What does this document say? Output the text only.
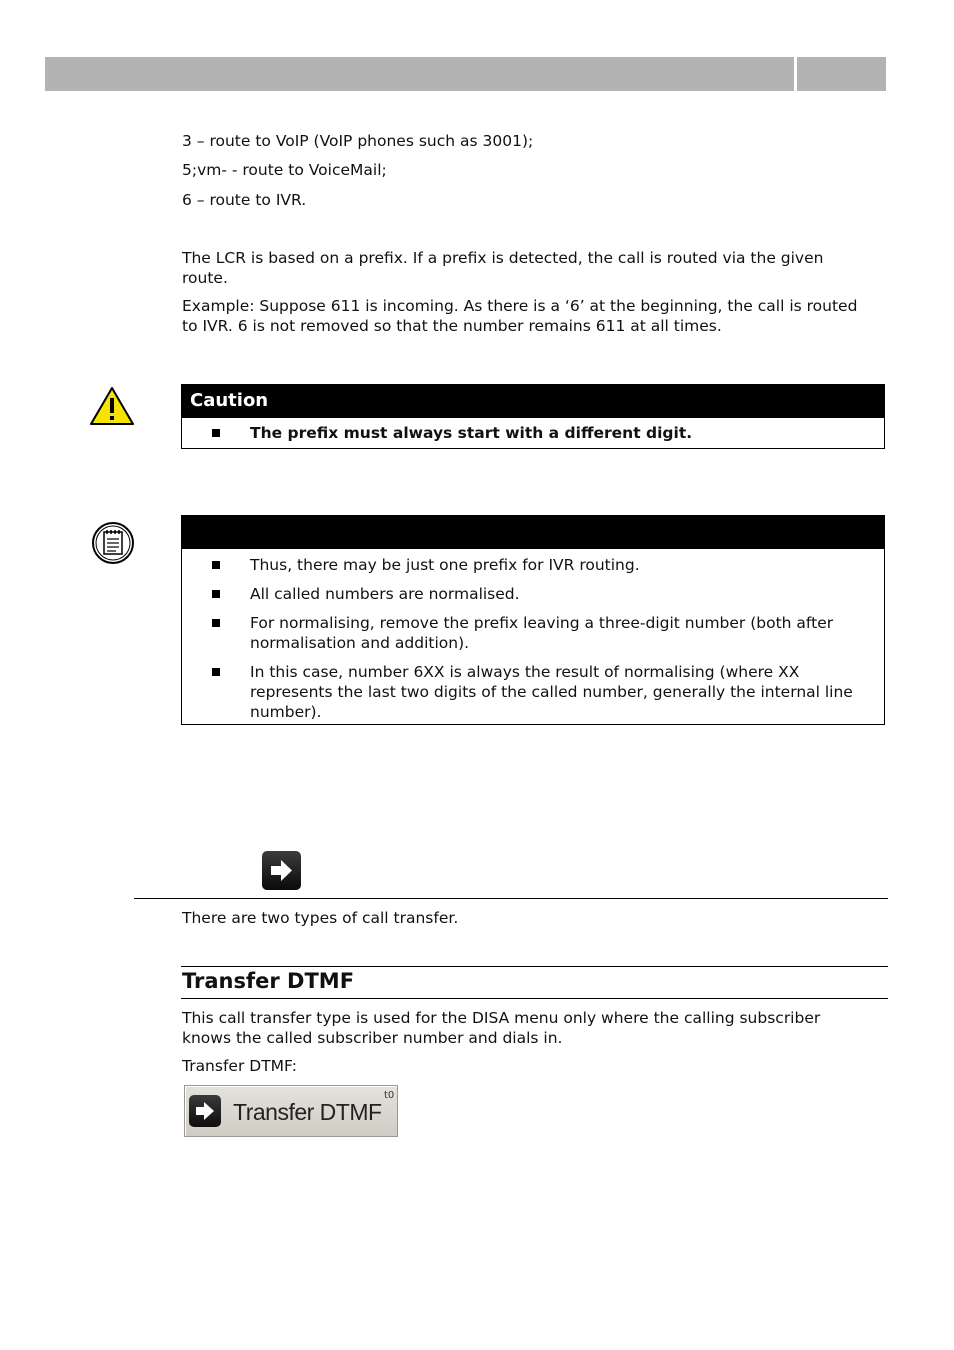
3 – route to VoIP (VoIP phones such as 3001);

5;vm- - route to VoiceMail;

6 – route to IVR.

The LCR is based on a prefix. If a prefix is detected, the call is routed via the given route.

Example: Suppose 611 is incoming. As there is a ‘6’ at the beginning, the call is routed to IVR. 6 is not removed so that the number remains 611 at all times.

Caution
The prefix must always start with a different digit.
Thus, there may be just one prefix for IVR routing.
All called numbers are normalised.
For normalising, remove the prefix leaving a three-digit number (both after normalisation and addition).
In this case, number 6XX is always the result of normalising (where XX represents the last two digits of the called number, generally the internal line number).

There are two types of call transfer.

Transfer DTMF

This call transfer type is used for the DISA menu only where the calling subscriber knows the called subscriber number and dials in.

Transfer DTMF:

Transfer DTMF
t0
